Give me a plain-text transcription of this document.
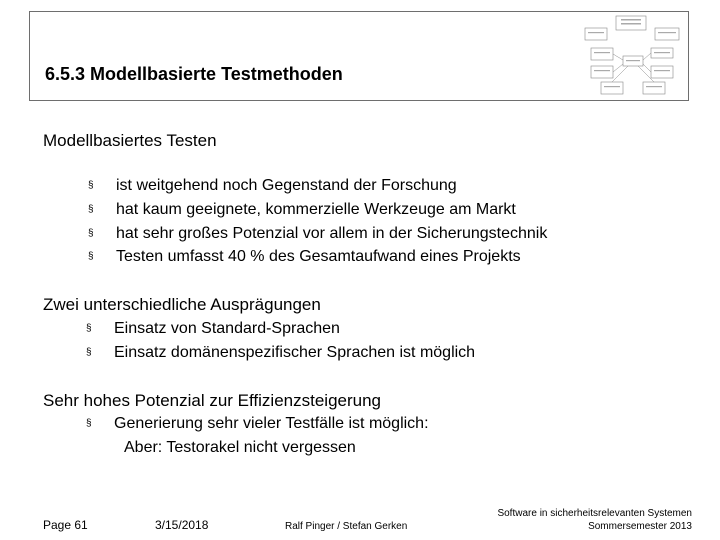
6.5.3 Modellbasierte Testmethoden
Modellbasiertes Testen
§ ist weitgehend noch Gegenstand der Forschung
§ hat kaum geeignete, kommerzielle Werkzeuge am Markt
§ hat sehr großes Potenzial vor allem in der Sicherungstechnik
§ Testen umfasst 40 % des Gesamtaufwand eines Projekts
Zwei unterschiedliche Ausprägungen
§ Einsatz von Standard-Sprachen
§ Einsatz domänenspezifischer Sprachen ist möglich
Sehr hohes Potenzial zur Effizienzsteigerung
§ Generierung sehr vieler Testfälle ist möglich:
Aber: Testorakel nicht vergessen
Page 61	3/15/2018	Ralf Pinger / Stefan Gerken
Software in sicherheitsrelevanten Systemen
Sommersemester 2013
